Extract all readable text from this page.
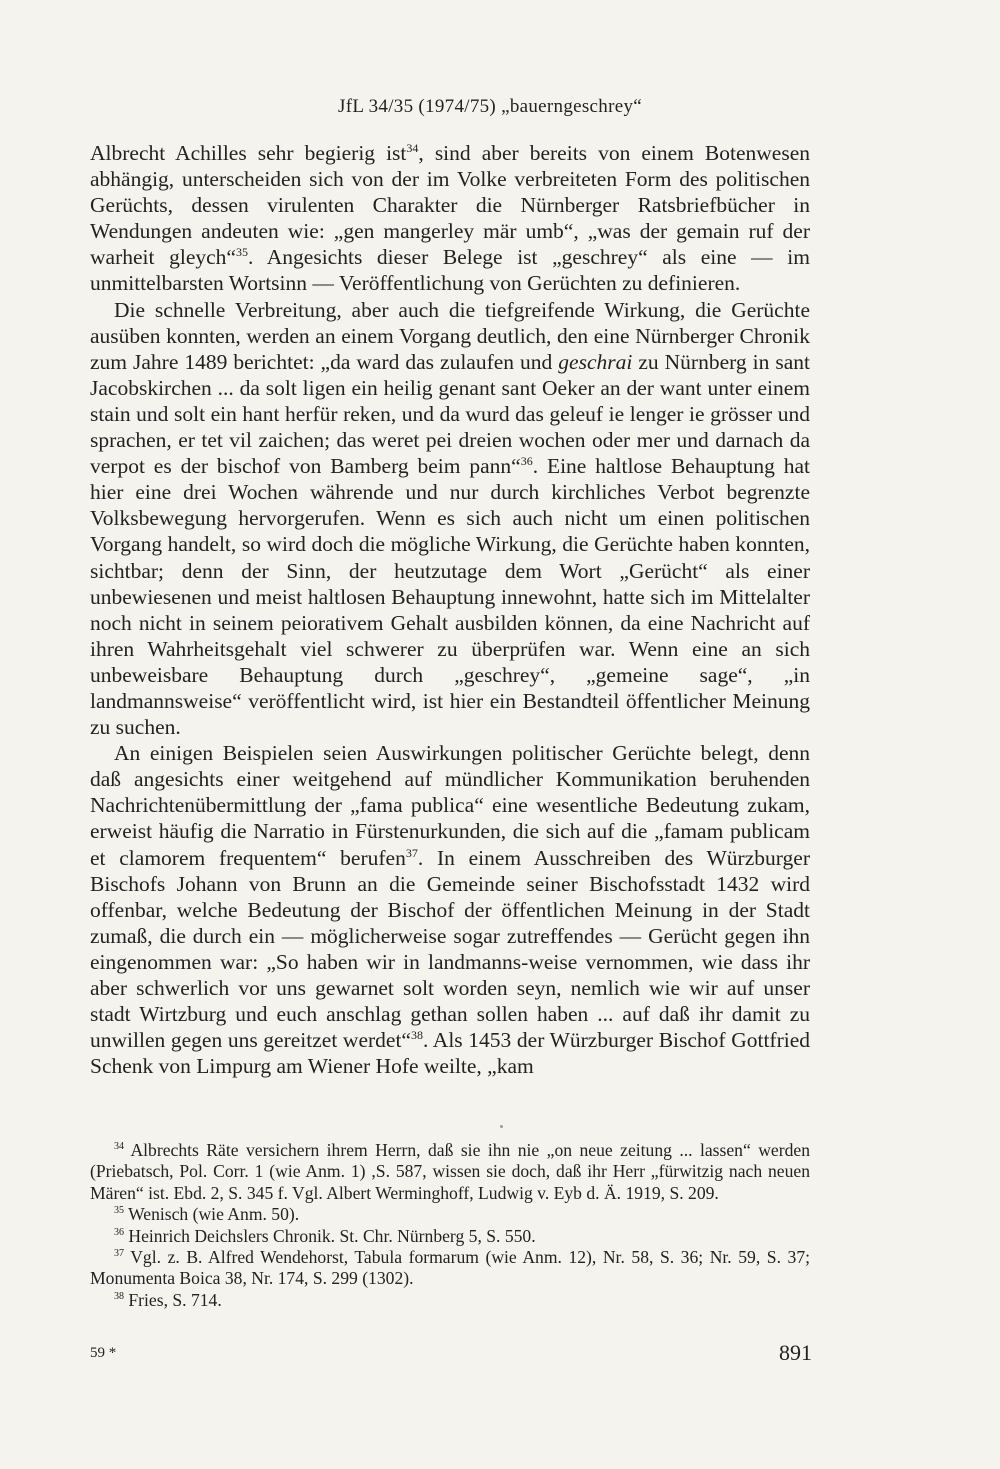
JfL 34/35 (1974/75) „bauerngeschrey“

Albrecht Achilles sehr begierig ist$^{34}$, sind aber bereits von einem Botenwesen abhängig, unterscheiden sich von der im Volke verbreiteten Form des politischen Gerüchts, dessen virulenten Charakter die Nürnberger Ratsbriefbücher in Wendungen andeuten wie: „gen mangerley mär umb“, „was der gemain ruf der warheit gleych“$^{35}$. Angesichts dieser Belege ist „geschrey“ als eine — im unmittelbarsten Wortsinn — Veröffentlichung von Gerüchten zu definieren.

Die schnelle Verbreitung, aber auch die tiefgreifende Wirkung, die Gerüchte ausüben konnten, werden an einem Vorgang deutlich, den eine Nürnberger Chronik zum Jahre 1489 berichtet: „da ward das zulaufen und geschrai zu Nürnberg in sant Jacobskirchen ... da solt ligen ein heilig genant sant Oeker an der want unter einem stain und solt ein hant herfür reken, und da wurd das geleuf ie lenger ie grösser und sprachen, er tet vil zaichen; das weret pei dreien wochen oder mer und darnach da verpot es der bischof von Bamberg beim pann“$^{36}$. Eine haltlose Behauptung hat hier eine drei Wochen währende und nur durch kirchliches Verbot begrenzte Volksbewegung hervorgerufen. Wenn es sich auch nicht um einen politischen Vorgang handelt, so wird doch die mögliche Wirkung, die Gerüchte haben konnten, sichtbar; denn der Sinn, der heutzutage dem Wort „Gerücht“ als einer unbewiesenen und meist haltlosen Behauptung innewohnt, hatte sich im Mittelalter noch nicht in seinem peiorativem Gehalt ausbilden können, da eine Nachricht auf ihren Wahrheitsgehalt viel schwerer zu überprüfen war. Wenn eine an sich unbeweisbare Behauptung durch „geschrey“, „gemeine sage“, „in landmannsweise“ veröffentlicht wird, ist hier ein Bestandteil öffentlicher Meinung zu suchen.

An einigen Beispielen seien Auswirkungen politischer Gerüchte belegt, denn daß angesichts einer weitgehend auf mündlicher Kommunikation beruhenden Nachrichtenübermittlung der „fama publica“ eine wesentliche Bedeutung zukam, erweist häufig die Narratio in Fürstenurkunden, die sich auf die „famam publicam et clamorem frequentem“ berufen$^{37}$. In einem Ausschreiben des Würzburger Bischofs Johann von Brunn an die Gemeinde seiner Bischofsstadt 1432 wird offenbar, welche Bedeutung der Bischof der öffentlichen Meinung in der Stadt zumaß, die durch ein — möglicherweise sogar zutreffendes — Gerücht gegen ihn eingenommen war: „So haben wir in landmanns-weise vernommen, wie dass ihr aber schwerlich vor uns gewarnet solt worden seyn, nemlich wie wir auf unser stadt Wirtzburg und euch anschlag gethan sollen haben ... auf daß ihr damit zu unwillen gegen uns gereitzet werdet“$^{38}$. Als 1453 der Würzburger Bischof Gottfried Schenk von Limpurg am Wiener Hofe weilte, „kam

$^{34}$ Albrechts Räte versichern ihrem Herrn, daß sie ihn nie „on neue zeitung ... lassen“ werden (Priebatsch, Pol. Corr. 1 (wie Anm. 1) ,S. 587, wissen sie doch, daß ihr Herr „fürwitzig nach neuen Mären“ ist. Ebd. 2, S. 345 f. Vgl. Albert Werminghoff, Ludwig v. Eyb d. Ä. 1919, S. 209.

$^{35}$ Wenisch (wie Anm. 50).

$^{36}$ Heinrich Deichslers Chronik. St. Chr. Nürnberg 5, S. 550.

$^{37}$ Vgl. z. B. Alfred Wendehorst, Tabula formarum (wie Anm. 12), Nr. 58, S. 36; Nr. 59, S. 37; Monumenta Boica 38, Nr. 174, S. 299 (1302).

$^{38}$ Fries, S. 714.

59 *	891
